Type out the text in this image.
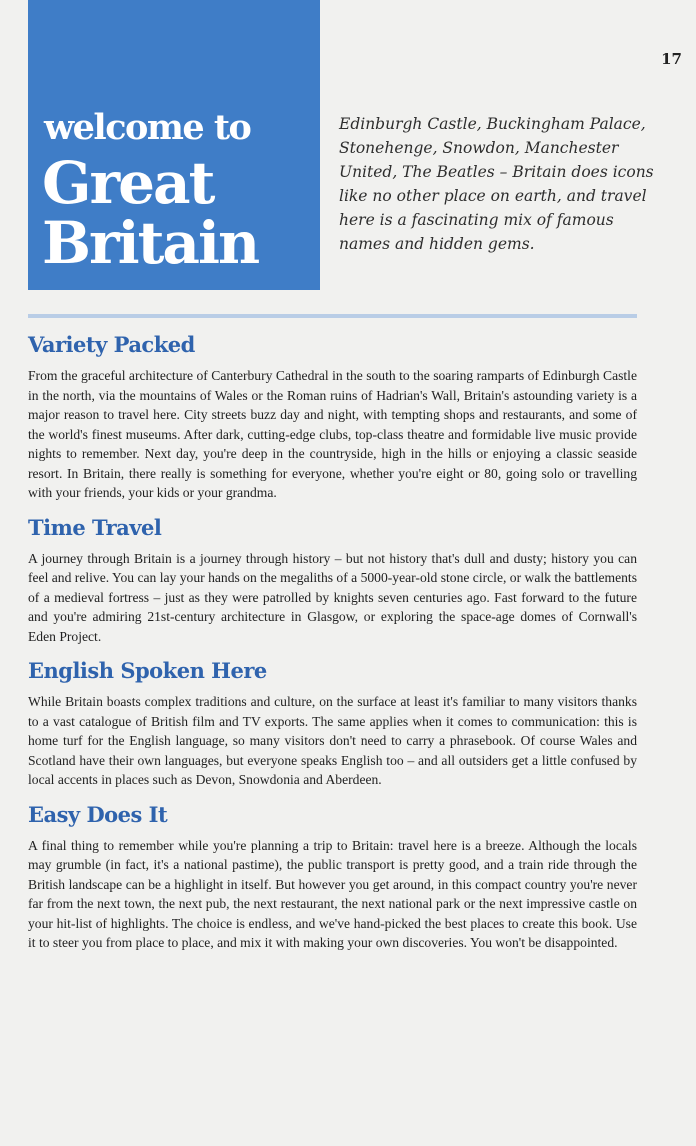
17
welcome to
Great
Britain
Edinburgh Castle, Buckingham Palace, Stonehenge, Snowdon, Manchester United, The Beatles – Britain does icons like no other place on earth, and travel here is a fascinating mix of famous names and hidden gems.
Variety Packed

From the graceful architecture of Canterbury Cathedral in the south to the soaring ramparts of Edinburgh Castle in the north, via the mountains of Wales or the Roman ruins of Hadrian's Wall, Britain's astounding variety is a major reason to travel here. City streets buzz day and night, with tempting shops and restaurants, and some of the world's finest museums. After dark, cutting-edge clubs, top-class theatre and formidable live music provide nights to remember. Next day, you're deep in the countryside, high in the hills or enjoying a classic seaside resort. In Britain, there really is something for everyone, whether you're eight or 80, going solo or travelling with your friends, your kids or your grandma.

Time Travel

A journey through Britain is a journey through history – but not history that's dull and dusty; history you can feel and relive. You can lay your hands on the megaliths of a 5000-year-old stone circle, or walk the battlements of a medieval fortress – just as they were patrolled by knights seven centuries ago. Fast forward to the future and you're admiring 21st-century architecture in Glasgow, or exploring the space-age domes of Cornwall's Eden Project.

English Spoken Here

While Britain boasts complex traditions and culture, on the surface at least it's familiar to many visitors thanks to a vast catalogue of British film and TV exports. The same applies when it comes to communication: this is home turf for the English language, so many visitors don't need to carry a phrasebook. Of course Wales and Scotland have their own languages, but everyone speaks English too – and all outsiders get a little confused by local accents in places such as Devon, Snowdonia and Aberdeen.

Easy Does It

A final thing to remember while you're planning a trip to Britain: travel here is a breeze. Although the locals may grumble (in fact, it's a national pastime), the public transport is pretty good, and a train ride through the British landscape can be a highlight in itself. But however you get around, in this compact country you're never far from the next town, the next pub, the next restaurant, the next national park or the next impressive castle on your hit-list of highlights. The choice is endless, and we've hand-picked the best places to create this book. Use it to steer you from place to place, and mix it with making your own discoveries. You won't be disappointed.
